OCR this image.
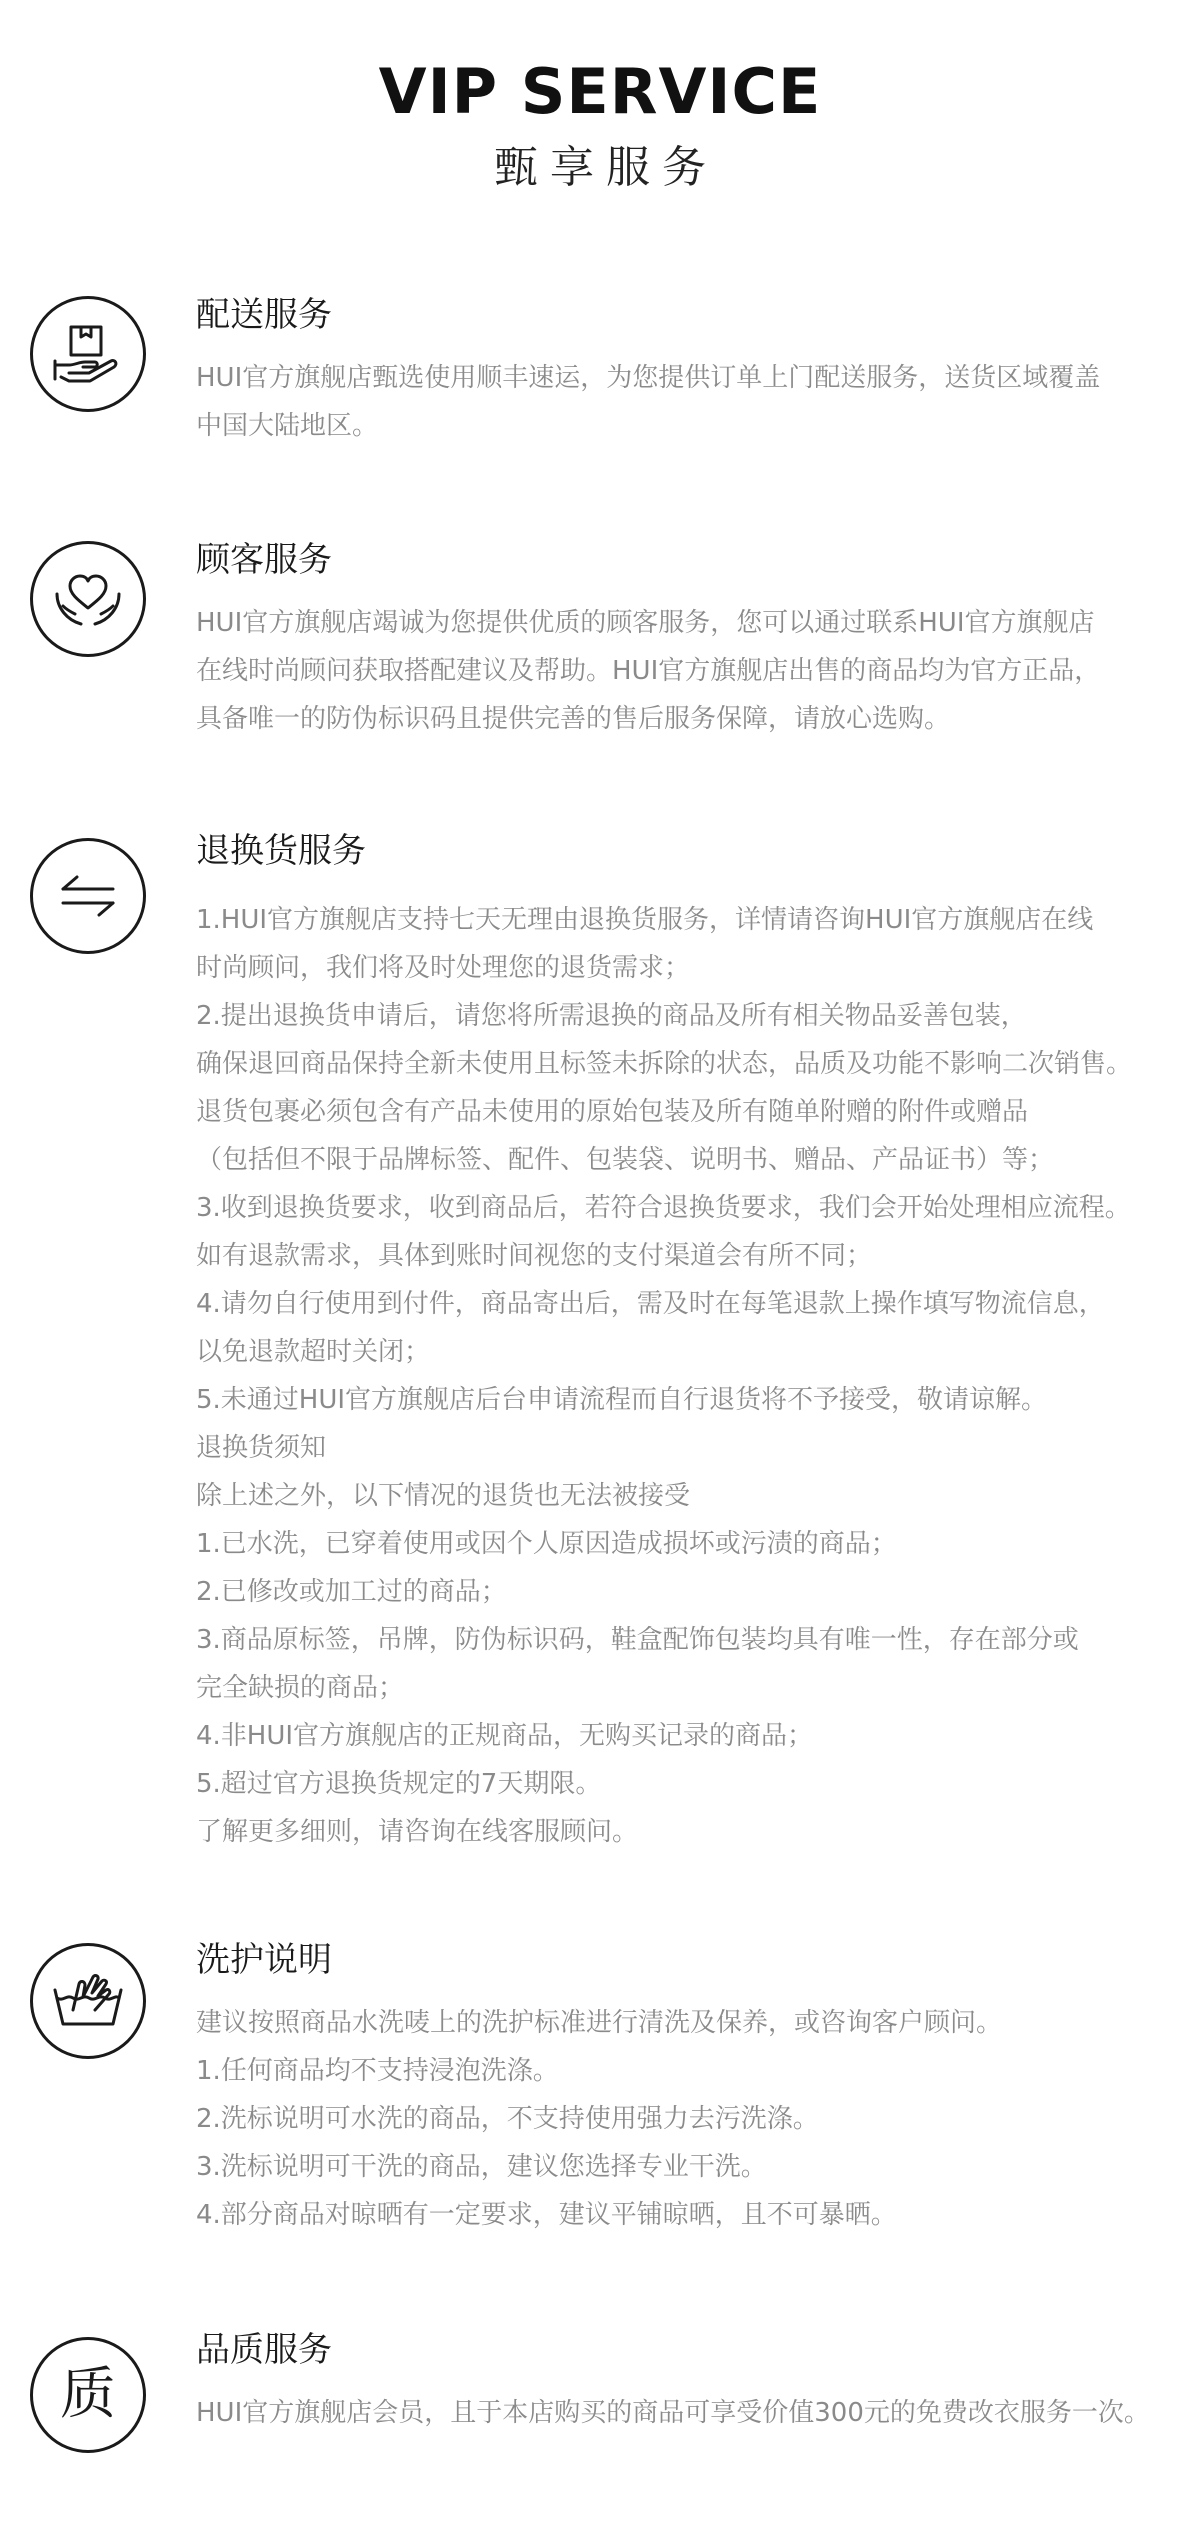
VIP SERVICE
甄享服务
配送服务
HUI官方旗舰店甄选使用顺丰速运，为您提供订单上门配送服务，送货区域覆盖
中国大陆地区。
顾客服务
HUI官方旗舰店竭诚为您提供优质的顾客服务，您可以通过联系HUI官方旗舰店
在线时尚顾问获取搭配建议及帮助。HUI官方旗舰店出售的商品均为官方正品，
具备唯一的防伪标识码且提供完善的售后服务保障，请放心选购。
退换货服务
1.HUI官方旗舰店支持七天无理由退换货服务，详情请咨询HUI官方旗舰店在线
时尚顾问，我们将及时处理您的退货需求；
2.提出退换货申请后，请您将所需退换的商品及所有相关物品妥善包装，
确保退回商品保持全新未使用且标签未拆除的状态，品质及功能不影响二次销售。
退货包裹必须包含有产品未使用的原始包装及所有随单附赠的附件或赠品
（包括但不限于品牌标签、配件、包装袋、说明书、赠品、产品证书）等；
3.收到退换货要求，收到商品后，若符合退换货要求，我们会开始处理相应流程。
如有退款需求，具体到账时间视您的支付渠道会有所不同；
4.请勿自行使用到付件，商品寄出后，需及时在每笔退款上操作填写物流信息，
以免退款超时关闭；
5.未通过HUI官方旗舰店后台申请流程而自行退货将不予接受，敬请谅解。
退换货须知
除上述之外，以下情况的退货也无法被接受
1.已水洗，已穿着使用或因个人原因造成损坏或污渍的商品；
2.已修改或加工过的商品；
3.商品原标签，吊牌，防伪标识码，鞋盒配饰包装均具有唯一性，存在部分或
完全缺损的商品；
4.非HUI官方旗舰店的正规商品，无购买记录的商品；
5.超过官方退换货规定的7天期限。
了解更多细则，请咨询在线客服顾问。
洗护说明
建议按照商品水洗唛上的洗护标准进行清洗及保养，或咨询客户顾问。
1.任何商品均不支持浸泡洗涤。
2.洗标说明可水洗的商品，不支持使用强力去污洗涤。
3.洗标说明可干洗的商品，建议您选择专业干洗。
4.部分商品对晾晒有一定要求，建议平铺晾晒，且不可暴晒。
质
品质服务
HUI官方旗舰店会员，且于本店购买的商品可享受价值300元的免费改衣服务一次。
